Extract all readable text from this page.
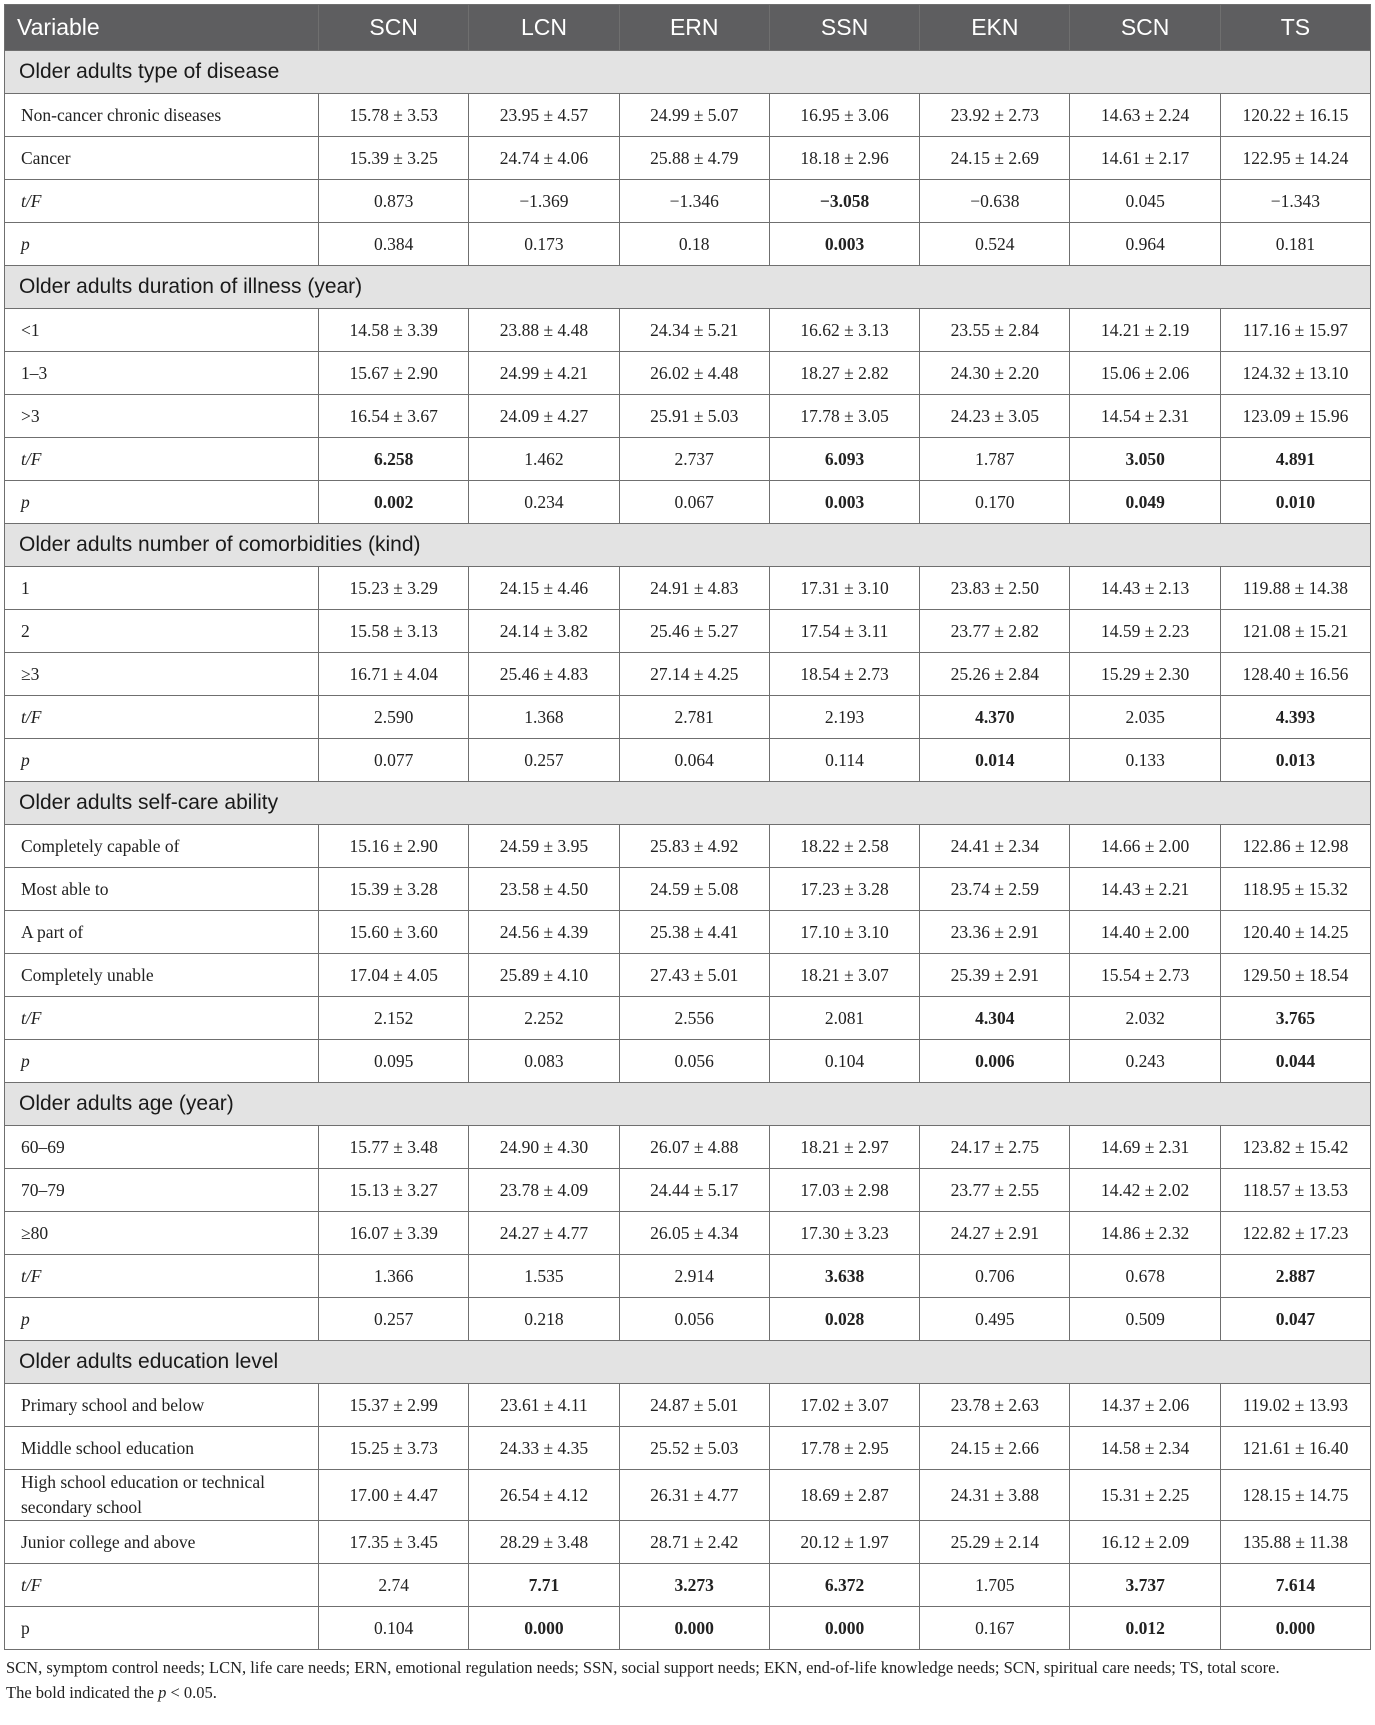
Variable	SCN	LCN	ERN	SSN	EKN	SCN	TS
Older adults type of disease							
Non-cancer chronic diseases	15.78 ± 3.53	23.95 ± 4.57	24.99 ± 5.07	16.95 ± 3.06	23.92 ± 2.73	14.63 ± 2.24	120.22 ± 16.15
Cancer	15.39 ± 3.25	24.74 ± 4.06	25.88 ± 4.79	18.18 ± 2.96	24.15 ± 2.69	14.61 ± 2.17	122.95 ± 14.24
t/F	0.873	−1.369	−1.346	−3.058	−0.638	0.045	−1.343
p	0.384	0.173	0.18	0.003	0.524	0.964	0.181
Older adults duration of illness (year)							
<1	14.58 ± 3.39	23.88 ± 4.48	24.34 ± 5.21	16.62 ± 3.13	23.55 ± 2.84	14.21 ± 2.19	117.16 ± 15.97
1–3	15.67 ± 2.90	24.99 ± 4.21	26.02 ± 4.48	18.27 ± 2.82	24.30 ± 2.20	15.06 ± 2.06	124.32 ± 13.10
>3	16.54 ± 3.67	24.09 ± 4.27	25.91 ± 5.03	17.78 ± 3.05	24.23 ± 3.05	14.54 ± 2.31	123.09 ± 15.96
t/F	6.258	1.462	2.737	6.093	1.787	3.050	4.891
p	0.002	0.234	0.067	0.003	0.170	0.049	0.010
Older adults number of comorbidities (kind)							
1	15.23 ± 3.29	24.15 ± 4.46	24.91 ± 4.83	17.31 ± 3.10	23.83 ± 2.50	14.43 ± 2.13	119.88 ± 14.38
2	15.58 ± 3.13	24.14 ± 3.82	25.46 ± 5.27	17.54 ± 3.11	23.77 ± 2.82	14.59 ± 2.23	121.08 ± 15.21
≥3	16.71 ± 4.04	25.46 ± 4.83	27.14 ± 4.25	18.54 ± 2.73	25.26 ± 2.84	15.29 ± 2.30	128.40 ± 16.56
t/F	2.590	1.368	2.781	2.193	4.370	2.035	4.393
p	0.077	0.257	0.064	0.114	0.014	0.133	0.013
Older adults self-care ability							
Completely capable of	15.16 ± 2.90	24.59 ± 3.95	25.83 ± 4.92	18.22 ± 2.58	24.41 ± 2.34	14.66 ± 2.00	122.86 ± 12.98
Most able to	15.39 ± 3.28	23.58 ± 4.50	24.59 ± 5.08	17.23 ± 3.28	23.74 ± 2.59	14.43 ± 2.21	118.95 ± 15.32
A part of	15.60 ± 3.60	24.56 ± 4.39	25.38 ± 4.41	17.10 ± 3.10	23.36 ± 2.91	14.40 ± 2.00	120.40 ± 14.25
Completely unable	17.04 ± 4.05	25.89 ± 4.10	27.43 ± 5.01	18.21 ± 3.07	25.39 ± 2.91	15.54 ± 2.73	129.50 ± 18.54
t/F	2.152	2.252	2.556	2.081	4.304	2.032	3.765
p	0.095	0.083	0.056	0.104	0.006	0.243	0.044
Older adults age (year)							
60–69	15.77 ± 3.48	24.90 ± 4.30	26.07 ± 4.88	18.21 ± 2.97	24.17 ± 2.75	14.69 ± 2.31	123.82 ± 15.42
70–79	15.13 ± 3.27	23.78 ± 4.09	24.44 ± 5.17	17.03 ± 2.98	23.77 ± 2.55	14.42 ± 2.02	118.57 ± 13.53
≥80	16.07 ± 3.39	24.27 ± 4.77	26.05 ± 4.34	17.30 ± 3.23	24.27 ± 2.91	14.86 ± 2.32	122.82 ± 17.23
t/F	1.366	1.535	2.914	3.638	0.706	0.678	2.887
p	0.257	0.218	0.056	0.028	0.495	0.509	0.047
Older adults education level							
Primary school and below	15.37 ± 2.99	23.61 ± 4.11	24.87 ± 5.01	17.02 ± 3.07	23.78 ± 2.63	14.37 ± 2.06	119.02 ± 13.93
Middle school education	15.25 ± 3.73	24.33 ± 4.35	25.52 ± 5.03	17.78 ± 2.95	24.15 ± 2.66	14.58 ± 2.34	121.61 ± 16.40
High school education or technical secondary school	17.00 ± 4.47	26.54 ± 4.12	26.31 ± 4.77	18.69 ± 2.87	24.31 ± 3.88	15.31 ± 2.25	128.15 ± 14.75
Junior college and above	17.35 ± 3.45	28.29 ± 3.48	28.71 ± 2.42	20.12 ± 1.97	25.29 ± 2.14	16.12 ± 2.09	135.88 ± 11.38
t/F	2.74	7.71	3.273	6.372	1.705	3.737	7.614
p	0.104	0.000	0.000	0.000	0.167	0.012	0.000
SCN, symptom control needs; LCN, life care needs; ERN, emotional regulation needs; SSN, social support needs; EKN, end-of-life knowledge needs; SCN, spiritual care needs; TS, total score.
The bold indicated the p < 0.05.
